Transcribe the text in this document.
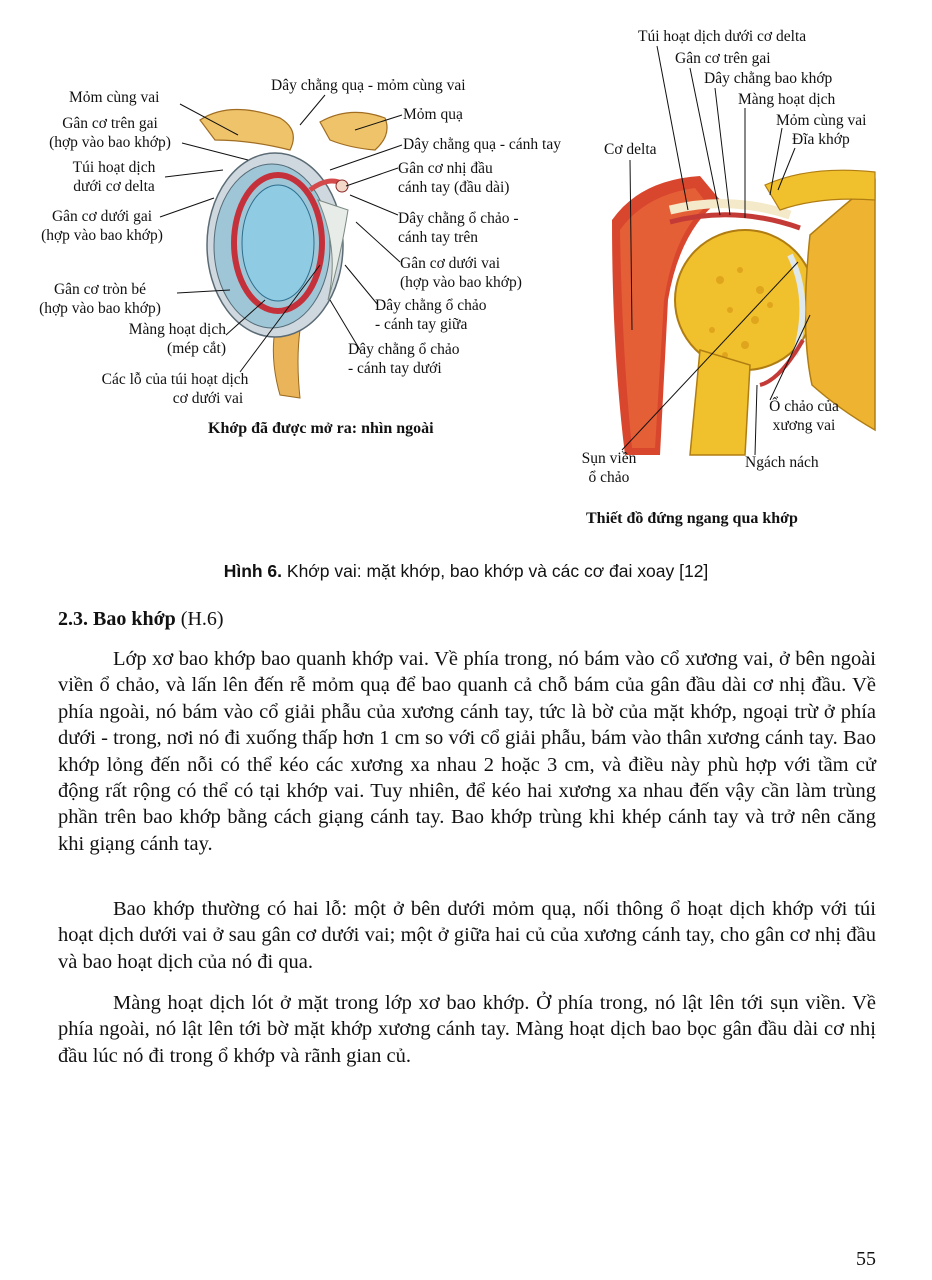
Mỏm cùng vai
Dây chằng quạ - mỏm cùng vai
Mỏm quạ
Gân cơ trên gai
(hợp vào bao khớp)	Dây chằng quạ - cánh tay
Túi hoạt dịch
dưới cơ delta
Gân cơ nhị đầu
cánh tay (đầu dài)
Gân cơ dưới gai
(hợp vào bao khớp)
Dây chằng ổ chảo -
cánh tay trên
Gân cơ dưới vai
(hợp vào bao khớp)
Gân cơ tròn bé
(hợp vào bao khớp)	Dây chằng ổ chảo
- cánh tay giữa
Màng hoạt dịch
(mép cắt)	Dây chằng ổ chảo
- cánh tay dưới
Các lỗ của túi hoạt dịch
cơ dưới vai
Khớp đã được mở ra: nhìn ngoài
Túi hoạt dịch dưới cơ delta
Gân cơ trên gai
Dây chằng bao khớp
Màng hoạt dịch
Mỏm cùng vai
Đĩa khớp
Cơ delta
Ổ chảo của
xương vai
Sụn viền
ổ chảo
Ngách nách
Thiết đồ đứng ngang qua khớp
Hình 6. Khớp vai: mặt khớp, bao khớp và các cơ đai xoay [12]
2.3. Bao khớp (H.6)

Lớp xơ bao khớp bao quanh khớp vai. Về phía trong, nó bám vào cổ xương vai, ở bên ngoài viền ổ chảo, và lấn lên đến rễ mỏm quạ để bao quanh cả chỗ bám của gân đầu dài cơ nhị đầu. Về phía ngoài, nó bám vào cổ giải phẫu của xương cánh tay, tức là bờ của mặt khớp, ngoại trừ ở phía dưới - trong, nơi nó đi xuống thấp hơn 1 cm so với cổ giải phẫu, bám vào thân xương cánh tay. Bao khớp lỏng đến nỗi có thể kéo các xương xa nhau 2 hoặc 3 cm, và điều này phù hợp với tầm cử động rất rộng có thể có tại khớp vai. Tuy nhiên, để kéo hai xương xa nhau đến vậy cần làm trùng phần trên bao khớp bằng cách giạng cánh tay. Bao khớp trùng khi khép cánh tay và trở nên căng khi giạng cánh tay.

Bao khớp thường có hai lỗ: một ở bên dưới mỏm quạ, nối thông ổ hoạt dịch khớp với túi hoạt dịch dưới vai ở sau gân cơ dưới vai; một ở giữa hai củ của xương cánh tay, cho gân cơ nhị đầu và bao hoạt dịch của nó đi qua.

Màng hoạt dịch lót ở mặt trong lớp xơ bao khớp. Ở phía trong, nó lật lên tới sụn viền. Về phía ngoài, nó lật lên tới bờ mặt khớp xương cánh tay. Màng hoạt dịch bao bọc gân đầu dài cơ nhị đầu lúc nó đi trong ổ khớp và rãnh gian củ.

55
